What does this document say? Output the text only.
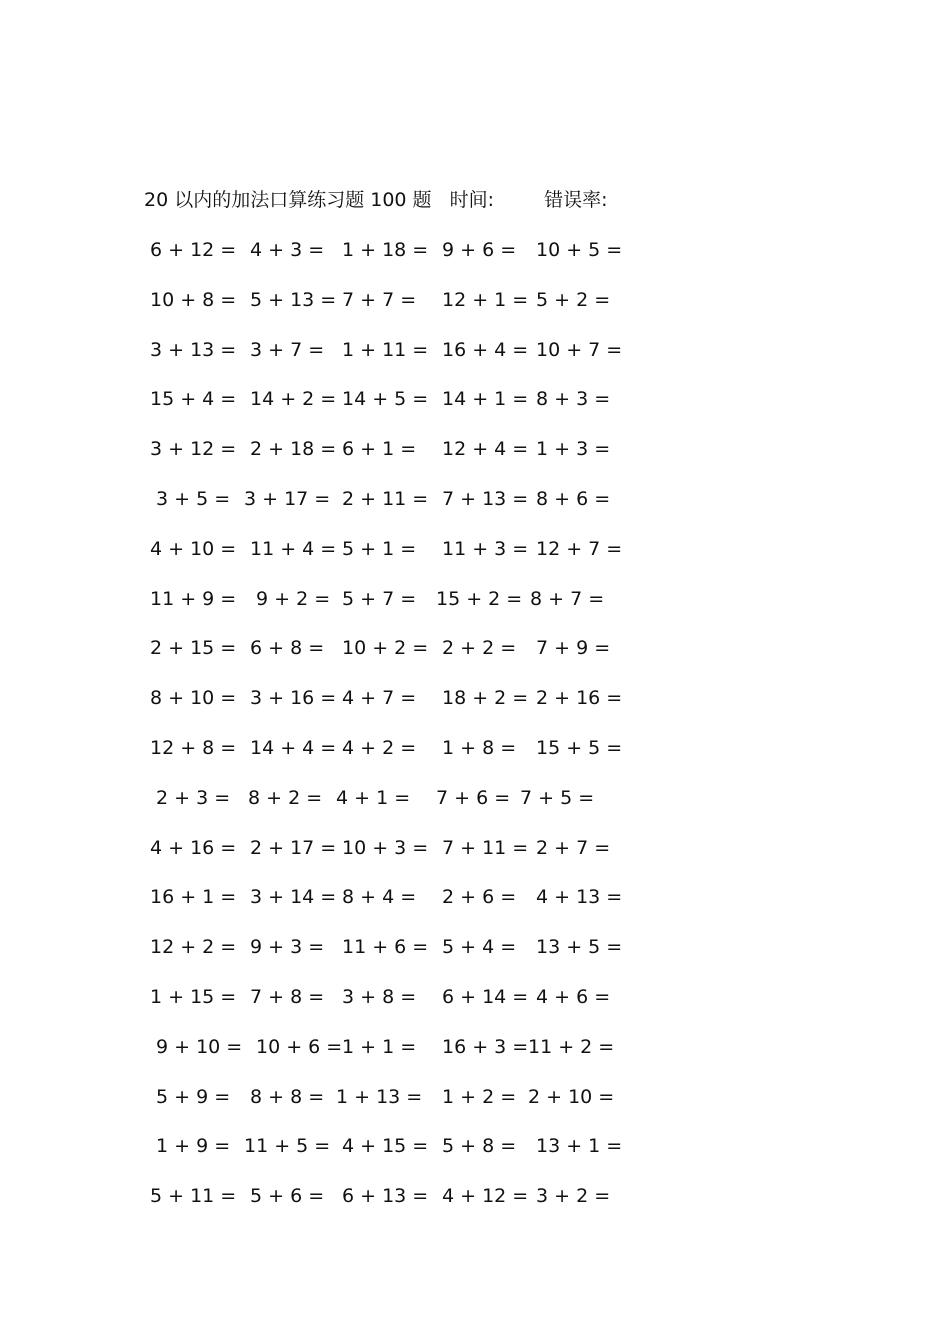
20 以内的加法口算练习题 100 题 时间:	错误率:
6 + 12 = 4 + 3 = 1 + 18 = 9 + 6 = 10 + 5 =
10 + 8 = 5 + 13 = 7 + 7 = 12 + 1 = 5 + 2 =
3 + 13 = 3 + 7 = 1 + 11 = 16 + 4 = 10 + 7 =
15 + 4 = 14 + 2 = 14 + 5 = 14 + 1 = 8 + 3 =
3 + 12 = 2 + 18 = 6 + 1 = 12 + 4 = 1 + 3 =
3 + 5 = 3 + 17 = 2 + 11 = 7 + 13 = 8 + 6 =
4 + 10 = 11 + 4 = 5 + 1 = 11 + 3 = 12 + 7 =
11 + 9 = 9 + 2 = 5 + 7 = 15 + 2 = 8 + 7 =
2 + 15 = 6 + 8 = 10 + 2 = 2 + 2 = 7 + 9 =
8 + 10 = 3 + 16 = 4 + 7 = 18 + 2 = 2 + 16 =
12 + 8 = 14 + 4 = 4 + 2 = 1 + 8 = 15 + 5 =
2 + 3 = 8 + 2 = 4 + 1 = 7 + 6 = 7 + 5 =
4 + 16 = 2 + 17 = 10 + 3 = 7 + 11 = 2 + 7 =
16 + 1 = 3 + 14 = 8 + 4 = 2 + 6 = 4 + 13 =
12 + 2 = 9 + 3 = 11 + 6 = 5 + 4 = 13 + 5 =
1 + 15 = 7 + 8 = 3 + 8 = 6 + 14 = 4 + 6 =
9 + 10 = 10 + 6 = 1 + 1 = 16 + 3 = 11 + 2 =
5 + 9 = 8 + 8 = 1 + 13 = 1 + 2 = 2 + 10 =
1 + 9 = 11 + 5 = 4 + 15 = 5 + 8 = 13 + 1 =
5 + 11 = 5 + 6 = 6 + 13 = 4 + 12 = 3 + 2 =
